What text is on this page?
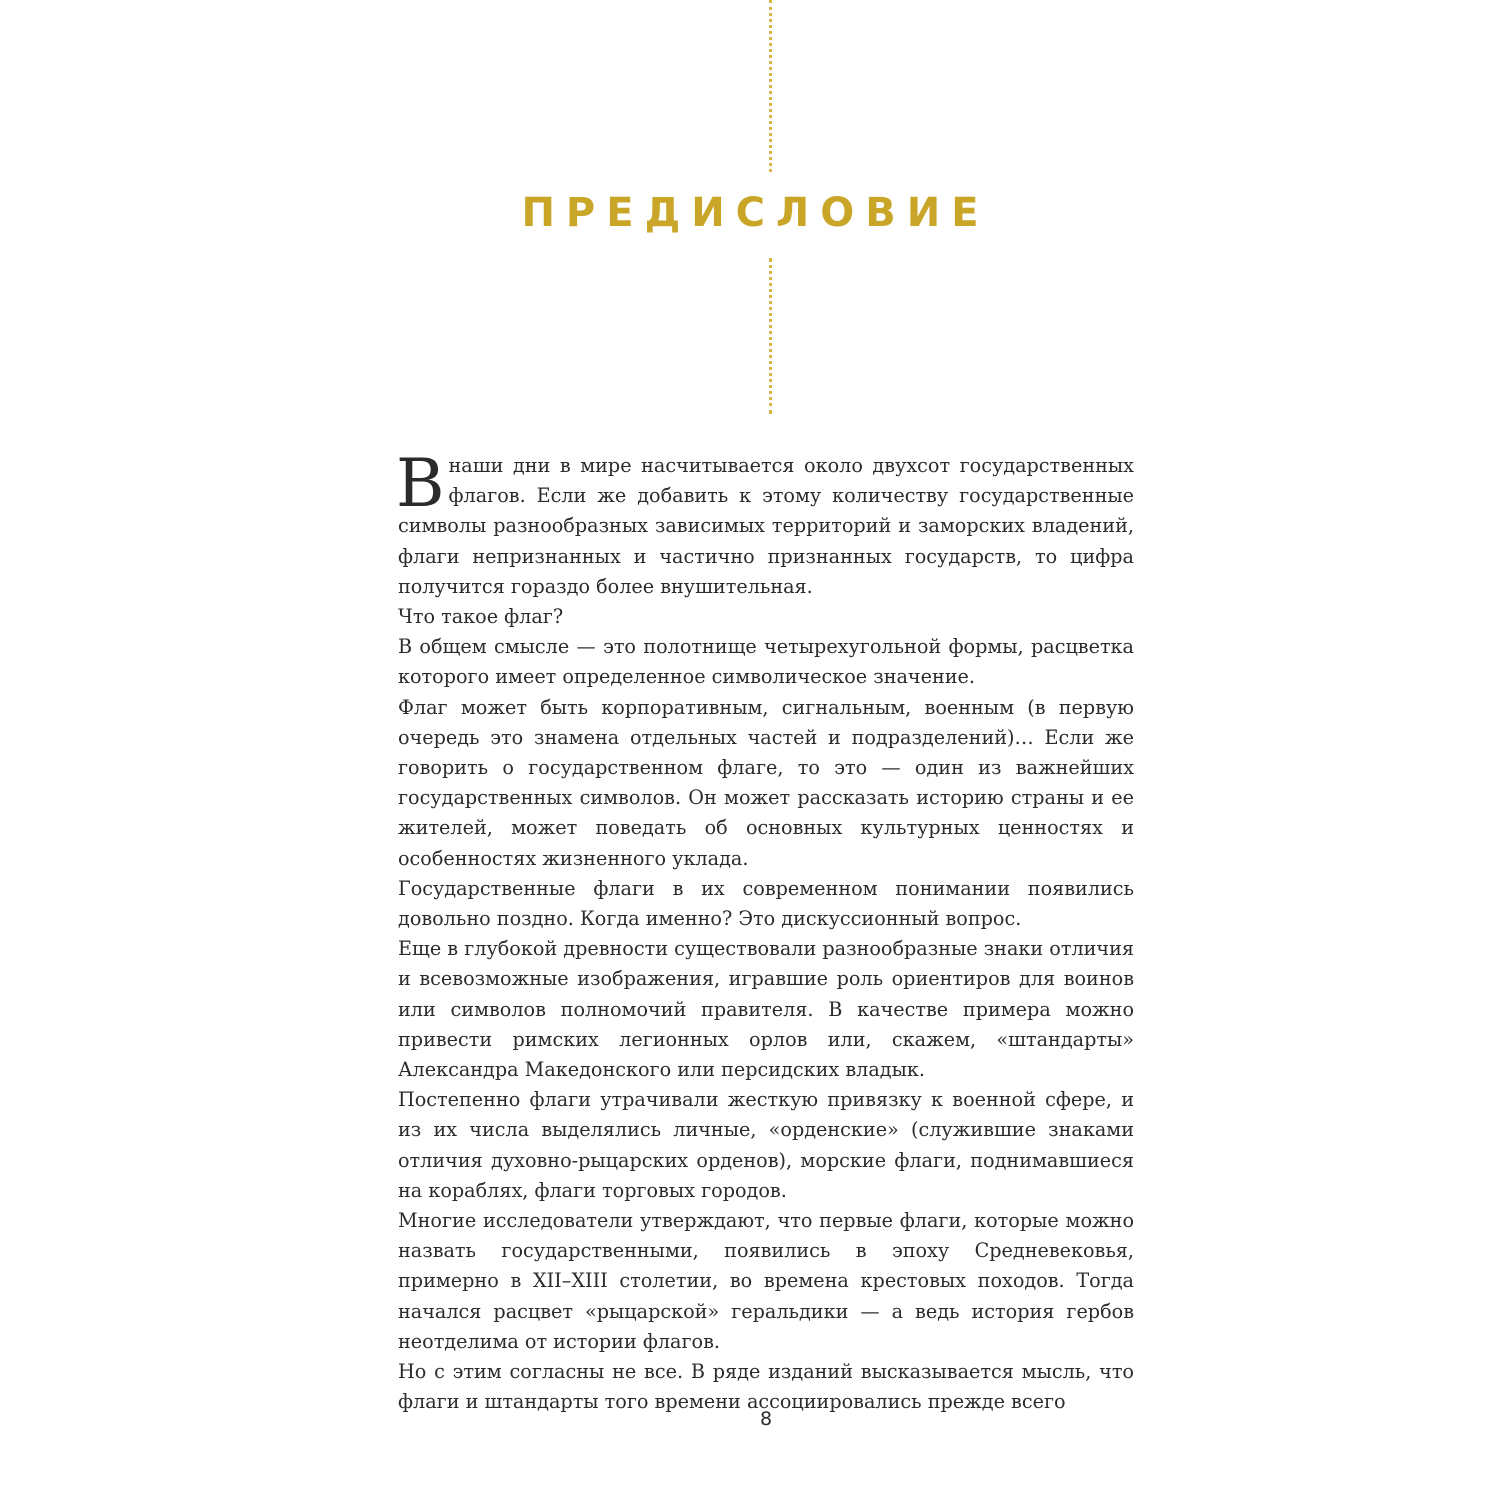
ПРЕДИСЛОВИЕ

В наши дни в мире насчитывается около двухсот государственных флагов. Если же добавить к этому количеству государственные символы разнообразных зависимых территорий и заморских владений, флаги непризнанных и частично признанных государств, то цифра получится гораздо более внушительная.

Что такое флаг?

В общем смысле — это полотнище четырехугольной формы, расцветка которого имеет определенное символическое значение.

Флаг может быть корпоративным, сигнальным, военным (в первую очередь это знамена отдельных частей и подразделений)… Если же говорить о государственном флаге, то это — один из важнейших государственных символов. Он может рассказать историю страны и ее жителей, может поведать об основных культурных ценностях и особенностях жизненного уклада.

Государственные флаги в их современном понимании появились довольно поздно. Когда именно? Это дискуссионный вопрос.

Еще в глубокой древности существовали разнообразные знаки отличия и всевозможные изображения, игравшие роль ориентиров для воинов или символов полномочий правителя. В качестве примера можно привести римских легионных орлов или, скажем, «штандарты» Александра Македонского или персидских владык.

Постепенно флаги утрачивали жесткую привязку к военной сфере, и из их числа выделялись личные, «орденские» (служившие знаками отличия духовно-рыцарских орденов), морские флаги, поднимавшиеся на кораблях, флаги торговых городов.

Многие исследователи утверждают, что первые флаги, которые можно назвать государственными, появились в эпоху Средневековья, примерно в XII–XIII столетии, во времена крестовых походов. Тогда начался расцвет «рыцарской» геральдики — а ведь история гербов неотделима от истории флагов.

Но с этим согласны не все. В ряде изданий высказывается мысль, что флаги и штандарты того времени ассоциировались прежде всего

8
